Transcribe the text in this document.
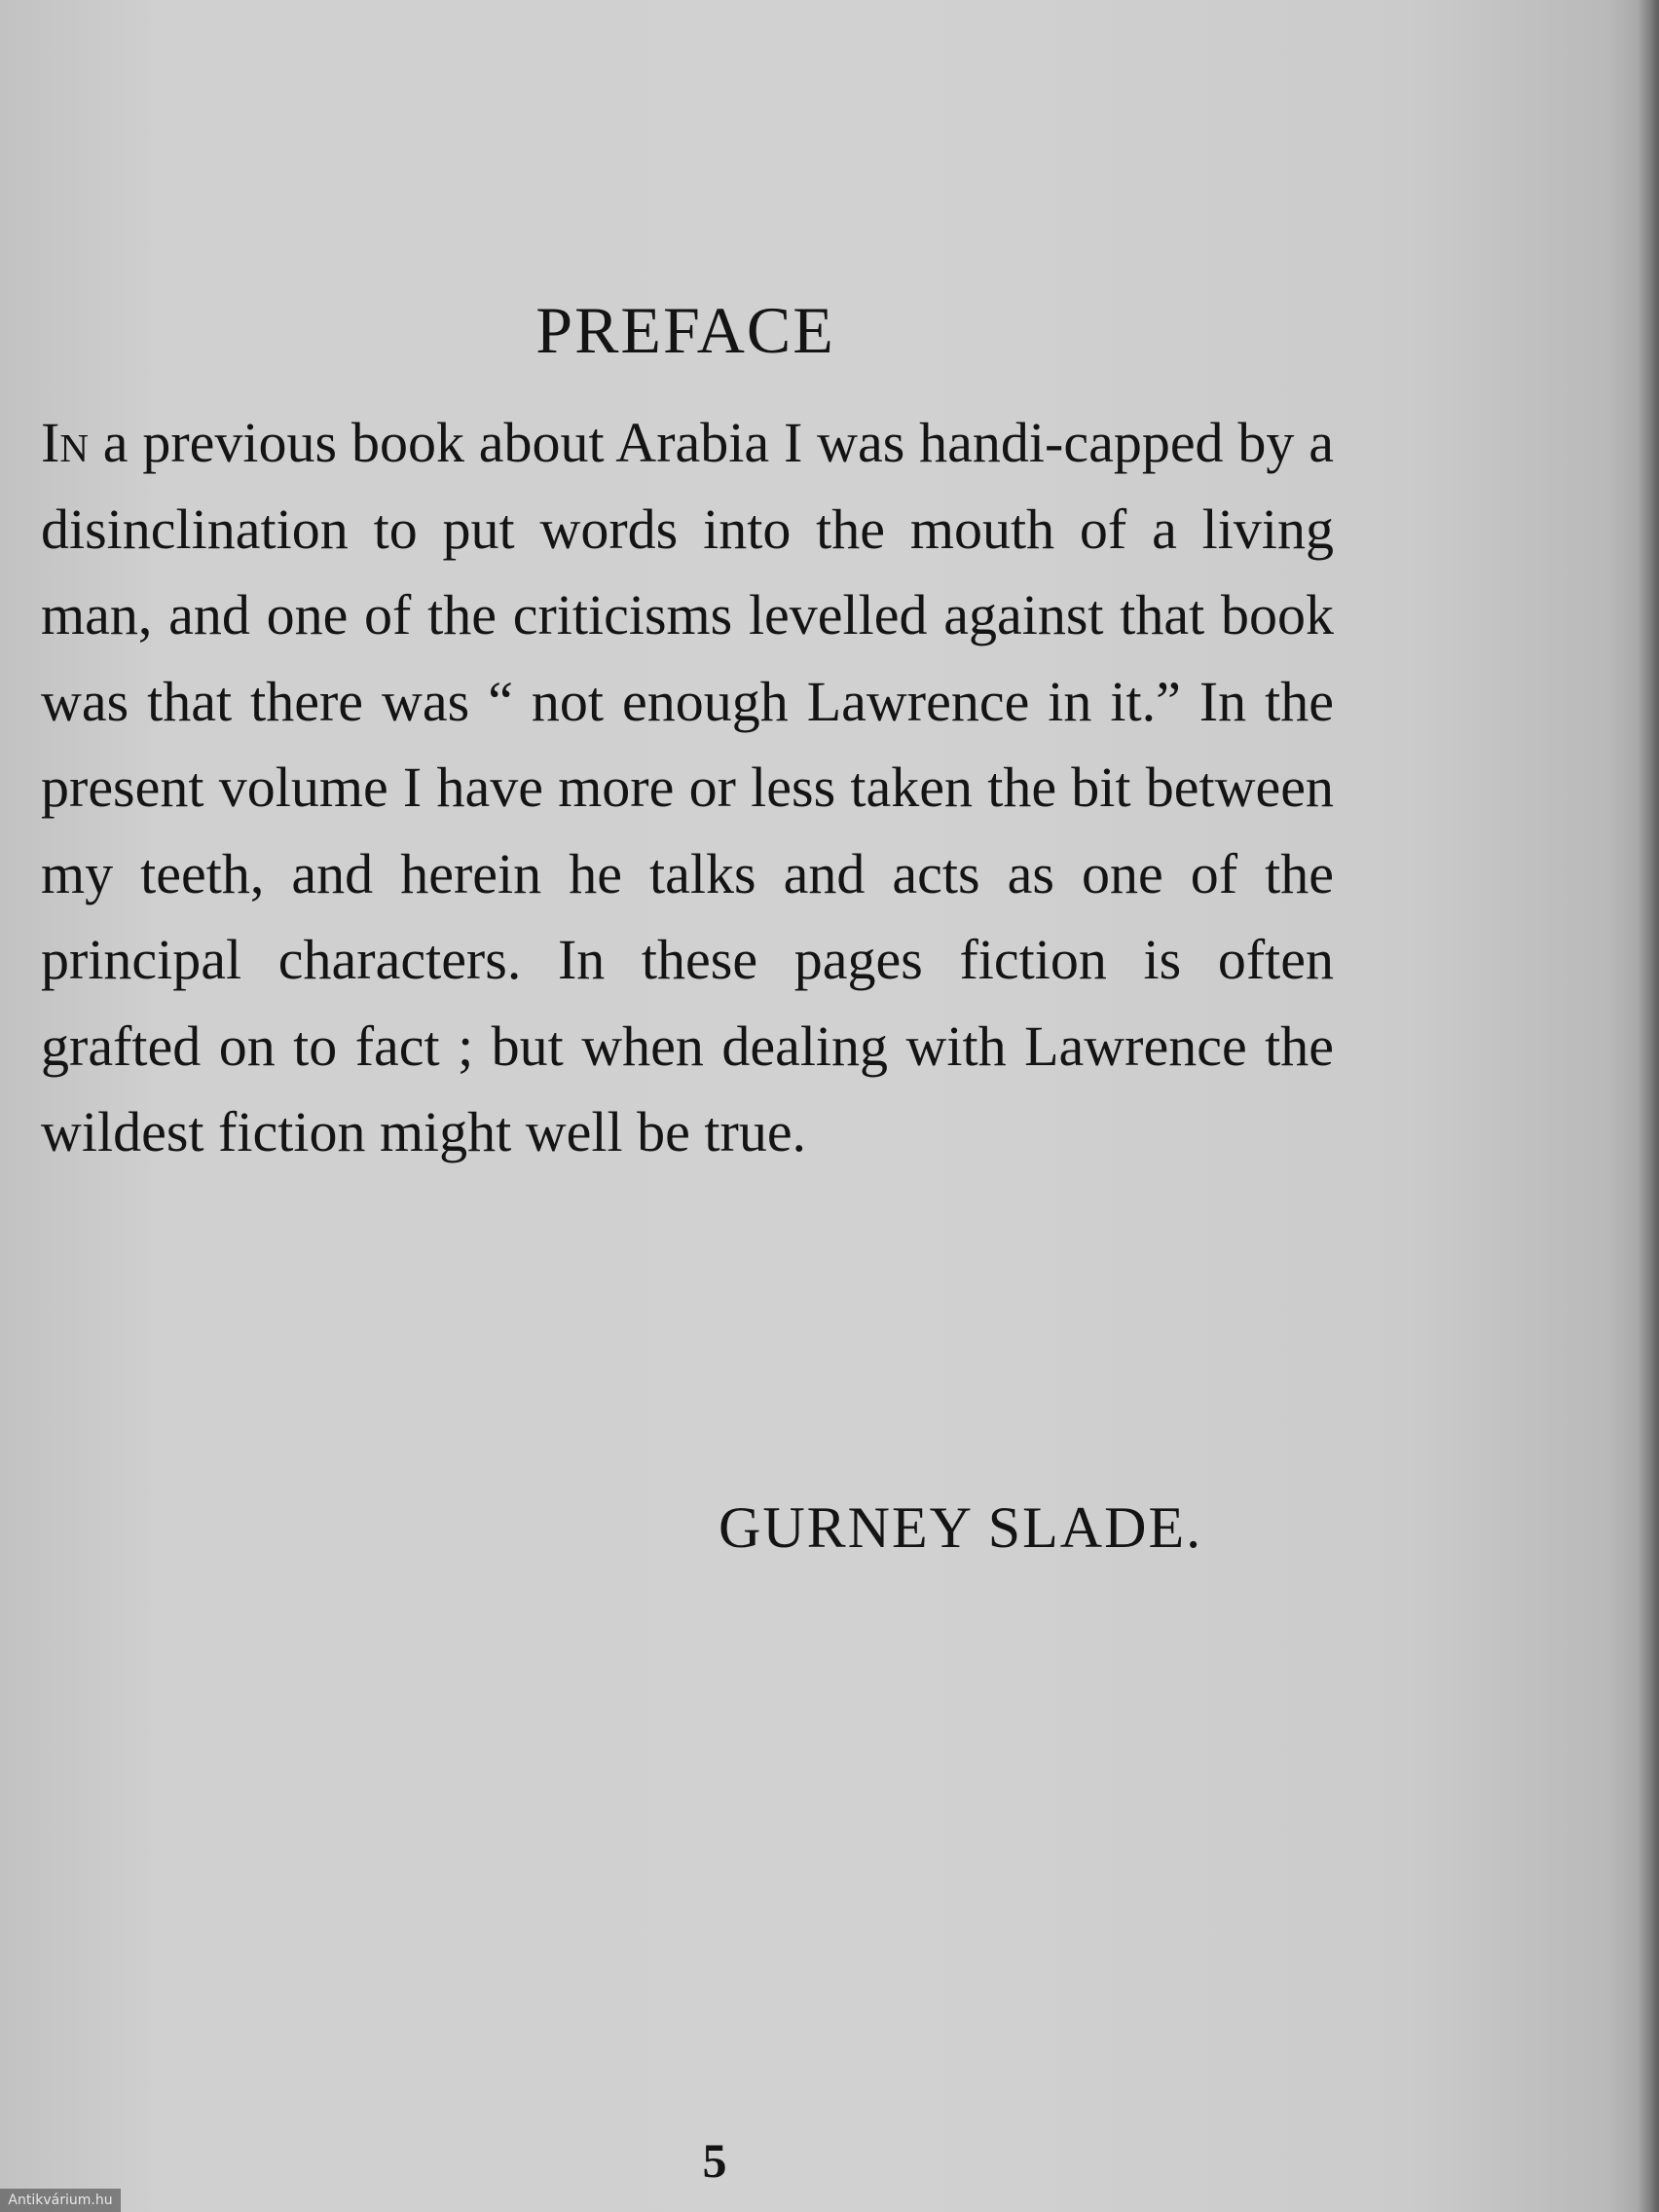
PREFACE

In a previous book about Arabia I was handi-capped by a disinclination to put words into the mouth of a living man, and one of the criticisms levelled against that book was that there was “ not enough Lawrence in it.” In the present volume I have more or less taken the bit between my teeth, and herein he talks and acts as one of the principal characters. In these pages fiction is often grafted on to fact ; but when dealing with Lawrence the wildest fiction might well be true.

GURNEY SLADE.

5

Antikvárium.hu
